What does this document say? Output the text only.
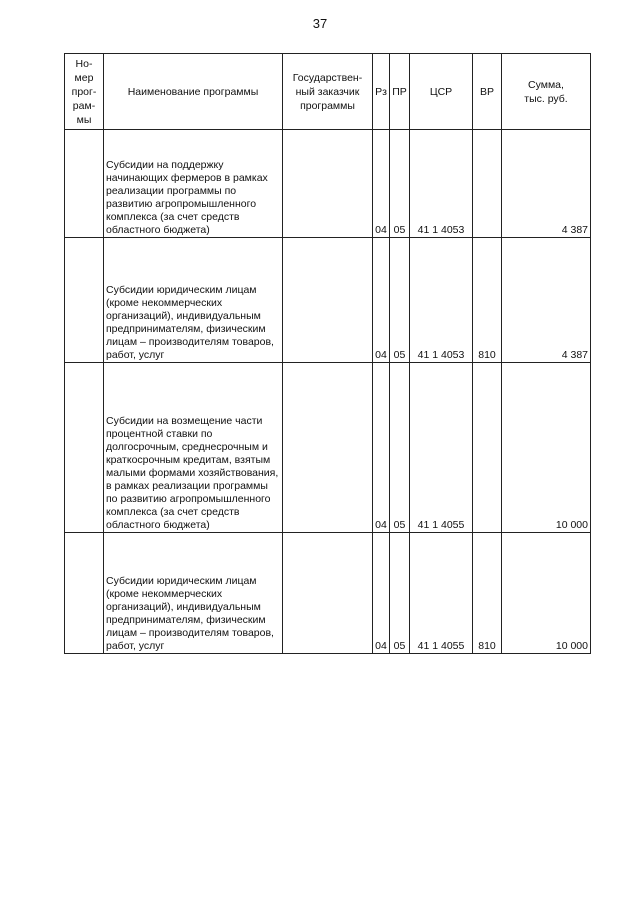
37
Но-
мер
прог-
рам-
мы	Наименование программы	Государствен-
ный заказчик
программы	Рз	ПР	ЦСР	ВР	Сумма,
тыс. руб.
	Субсидии на поддержку начинающих фермеров в рамках реализации программы по развитию агропромышленного комплекса (за счет средств областного бюджета)		04	05	41 1 4053		4 387
	Субсидии юридическим лицам (кроме некоммерческих организаций), индивидуальным предпринимателям, физическим лицам – производителям товаров, работ, услуг		04	05	41 1 4053	810	4 387
	Субсидии на возмещение части процентной ставки по долгосрочным, среднесрочным и краткосрочным кредитам, взятым малыми формами хозяйствования, в рамках реализации программы по развитию агропромышленного комплекса (за счет средств областного бюджета)		04	05	41 1 4055		10 000
	Субсидии юридическим лицам (кроме некоммерческих организаций), индивидуальным предпринимателям, физическим лицам – производителям товаров, работ, услуг		04	05	41 1 4055	810	10 000
